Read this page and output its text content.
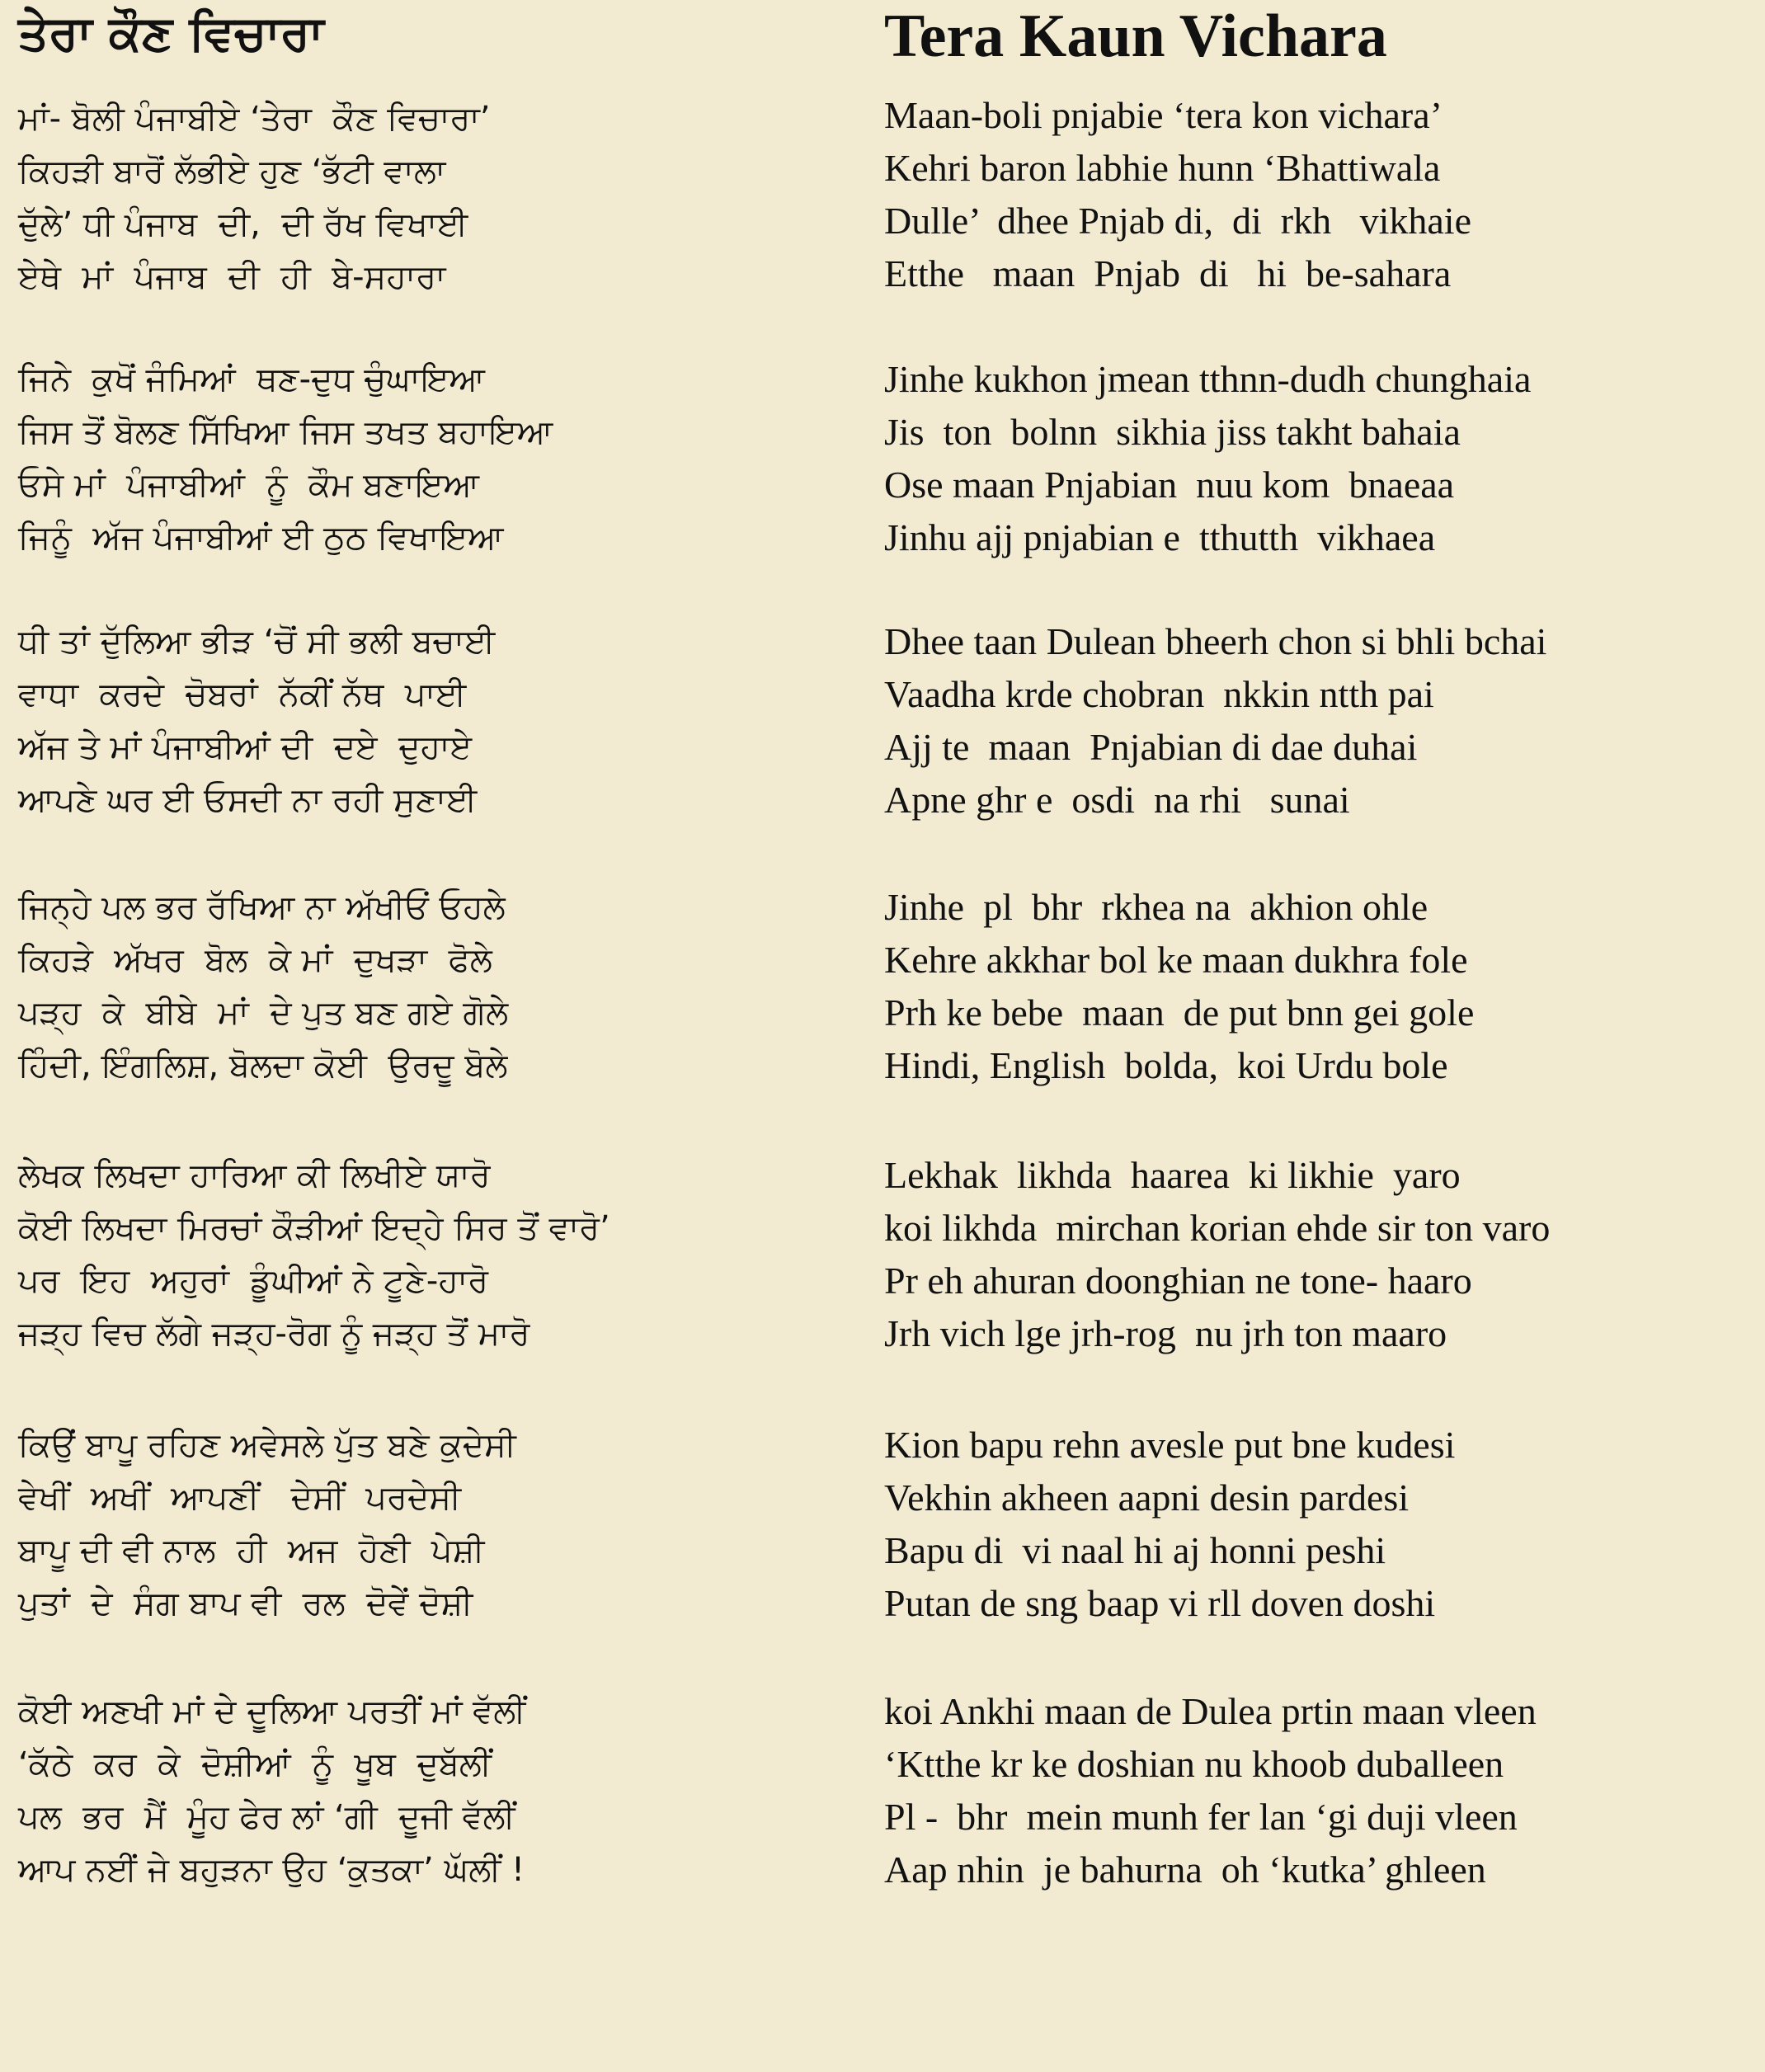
ਤੇਰਾ ਕੌਣ ਵਿਚਾਰਾ
ਮਾਂ- ਬੋਲੀ ਪੰਜਾਬੀਏ ‘ਤੇਰਾ  ਕੌਣ ਵਿਚਾਰਾ’
ਕਿਹੜੀ ਬਾਰੋਂ ਲੱਭੀਏ ਹੁਣ ‘ਭੱਟੀ ਵਾਲਾ
ਦੁੱਲੇ’ ਧੀ ਪੰਜਾਬ  ਦੀ,  ਦੀ ਰੱਖ ਵਿਖਾਈ
ਏਥੇ  ਮਾਂ  ਪੰਜਾਬ  ਦੀ  ਹੀ  ਬੇ-ਸਹਾਰਾ
ਜਿਨੇ  ਕੁਖੋਂ ਜੰਮਿਆਂ  ਥਣ-ਦੁਧ ਚੁੰਘਾਇਆ
ਜਿਸ ਤੋਂ ਬੋਲਣ ਸਿੱਖਿਆ ਜਿਸ ਤਖਤ ਬਹਾਇਆ
ਓਸੇ ਮਾਂ  ਪੰਜਾਬੀਆਂ  ਨੂੰ  ਕੌਮ ਬਣਾਇਆ
ਜਿਨੂੰ  ਅੱਜ ਪੰਜਾਬੀਆਂ ਈ ਠੁਠ ਵਿਖਾਇਆ
ਧੀ ਤਾਂ ਦੁੱਲਿਆ ਭੀੜ ‘ਚੋਂ ਸੀ ਭਲੀ ਬਚਾਈ
ਵਾਧਾ  ਕਰਦੇ  ਚੋਬਰਾਂ  ਨੱਕੀਂ ਨੱਥ  ਪਾਈ
ਅੱਜ ਤੇ ਮਾਂ ਪੰਜਾਬੀਆਂ ਦੀ  ਦਏ  ਦੁਹਾਏ
ਆਪਣੇ ਘਰ ਈ ਓਸਦੀ ਨਾ ਰਹੀ ਸੁਣਾਈ
ਜਿਨ੍ਹੇ ਪਲ ਭਰ ਰੱਖਿਆ ਨਾ ਅੱਖੀਓਂ ਓਹਲੇ
ਕਿਹੜੇ  ਅੱਖਰ  ਬੋਲ  ਕੇ ਮਾਂ  ਦੁਖੜਾ  ਫੋਲੇ
ਪੜ੍ਹ  ਕੇ  ਬੀਬੇ  ਮਾਂ  ਦੇ ਪੁਤ ਬਣ ਗਏ ਗੋਲੇ
ਹਿੰਦੀ, ਇੰਗਲਿਸ਼, ਬੋਲਦਾ ਕੋਈ  ਉਰਦੂ ਬੋਲੇ
ਲੇਖਕ ਲਿਖਦਾ ਹਾਰਿਆ ਕੀ ਲਿਖੀਏ ਯਾਰੋ
ਕੋਈ ਲਿਖਦਾ ਮਿਰਚਾਂ ਕੌੜੀਆਂ ਇਦ੍ਹੇ ਸਿਰ ਤੋਂ ਵਾਰੋ’
ਪਰ  ਇਹ  ਅਹੁਰਾਂ  ਡੂੰਘੀਆਂ ਨੇ ਟੂਣੇ-ਹਾਰੋ
ਜੜ੍ਹ ਵਿਚ ਲੱਗੇ ਜੜ੍ਹ-ਰੋਗ ਨੂੰ ਜੜ੍ਹ ਤੋਂ ਮਾਰੋ
ਕਿਉਂ ਬਾਪੂ ਰਹਿਣ ਅਵੇਸਲੇ ਪੁੱਤ ਬਣੇ ਕੁਦੇਸੀ
ਵੇਖੀਂ  ਅਖੀਂ  ਆਪਣੀਂ   ਦੇਸੀਂ  ਪਰਦੇਸੀ
ਬਾਪੂ ਦੀ ਵੀ ਨਾਲ  ਹੀ  ਅਜ  ਹੋਣੀ  ਪੇਸ਼ੀ
ਪੁਤਾਂ  ਦੇ  ਸੰਗ ਬਾਪ ਵੀ  ਰਲ  ਦੋਵੇਂ ਦੋਸ਼ੀ
ਕੋਈ ਅਣਖੀ ਮਾਂ ਦੇ ਦੂਲਿਆ ਪਰਤੀਂ ਮਾਂ ਵੱਲੀਂ
‘ਕੱਠੇ  ਕਰ  ਕੇ  ਦੋਸ਼ੀਆਂ  ਨੂੰ  ਖੂਬ  ਦੁਬੱਲੀਂ
ਪਲ  ਭਰ  ਮੈਂ  ਮੂੰਹ ਫੇਰ ਲਾਂ ‘ਗੀ  ਦੂਜੀ ਵੱਲੀਂ
ਆਪ ਨਈਂ ਜੇ ਬਹੁੜਨਾ ਉਹ ‘ਕੁਤਕਾ’ ਘੱਲੀਂ !
Tera Kaun Vichara
Maan-boli pnjabie ‘tera kon vichara’
Kehri baron labhie hunn ‘Bhattiwala
Dulle’  dhee Pnjab di,  di  rkh   vikhaie
Etthe   maan  Pnjab  di   hi  be-sahara
Jinhe kukhon jmean tthnn-dudh chunghaia
Jis  ton  bolnn  sikhia jiss takht bahaia
Ose maan Pnjabian  nuu kom  bnaeaa
Jinhu ajj pnjabian e  tthutth  vikhaea
Dhee taan Dulean bheerh chon si bhli bchai
Vaadha krde chobran  nkkin ntth pai
Ajj te  maan  Pnjabian di dae duhai
Apne ghr e  osdi  na rhi   sunai
Jinhe  pl  bhr  rkhea na  akhion ohle
Kehre akkhar bol ke maan dukhra fole
Prh ke bebe  maan  de put bnn gei gole
Hindi, English  bolda,  koi Urdu bole
Lekhak  likhda  haarea  ki likhie  yaro
koi likhda  mirchan korian ehde sir ton varo
Pr eh ahuran doonghian ne tone- haaro
Jrh vich lge jrh-rog  nu jrh ton maaro
Kion bapu rehn avesle put bne kudesi
Vekhin akheen aapni desin pardesi
Bapu di  vi naal hi aj honni peshi
Putan de sng baap vi rll doven doshi
koi Ankhi maan de Dulea prtin maan vleen
‘Ktthe kr ke doshian nu khoob duballeen
Pl -  bhr  mein munh fer lan ‘gi duji vleen
Aap nhin  je bahurna  oh ‘kutka’ ghleen
